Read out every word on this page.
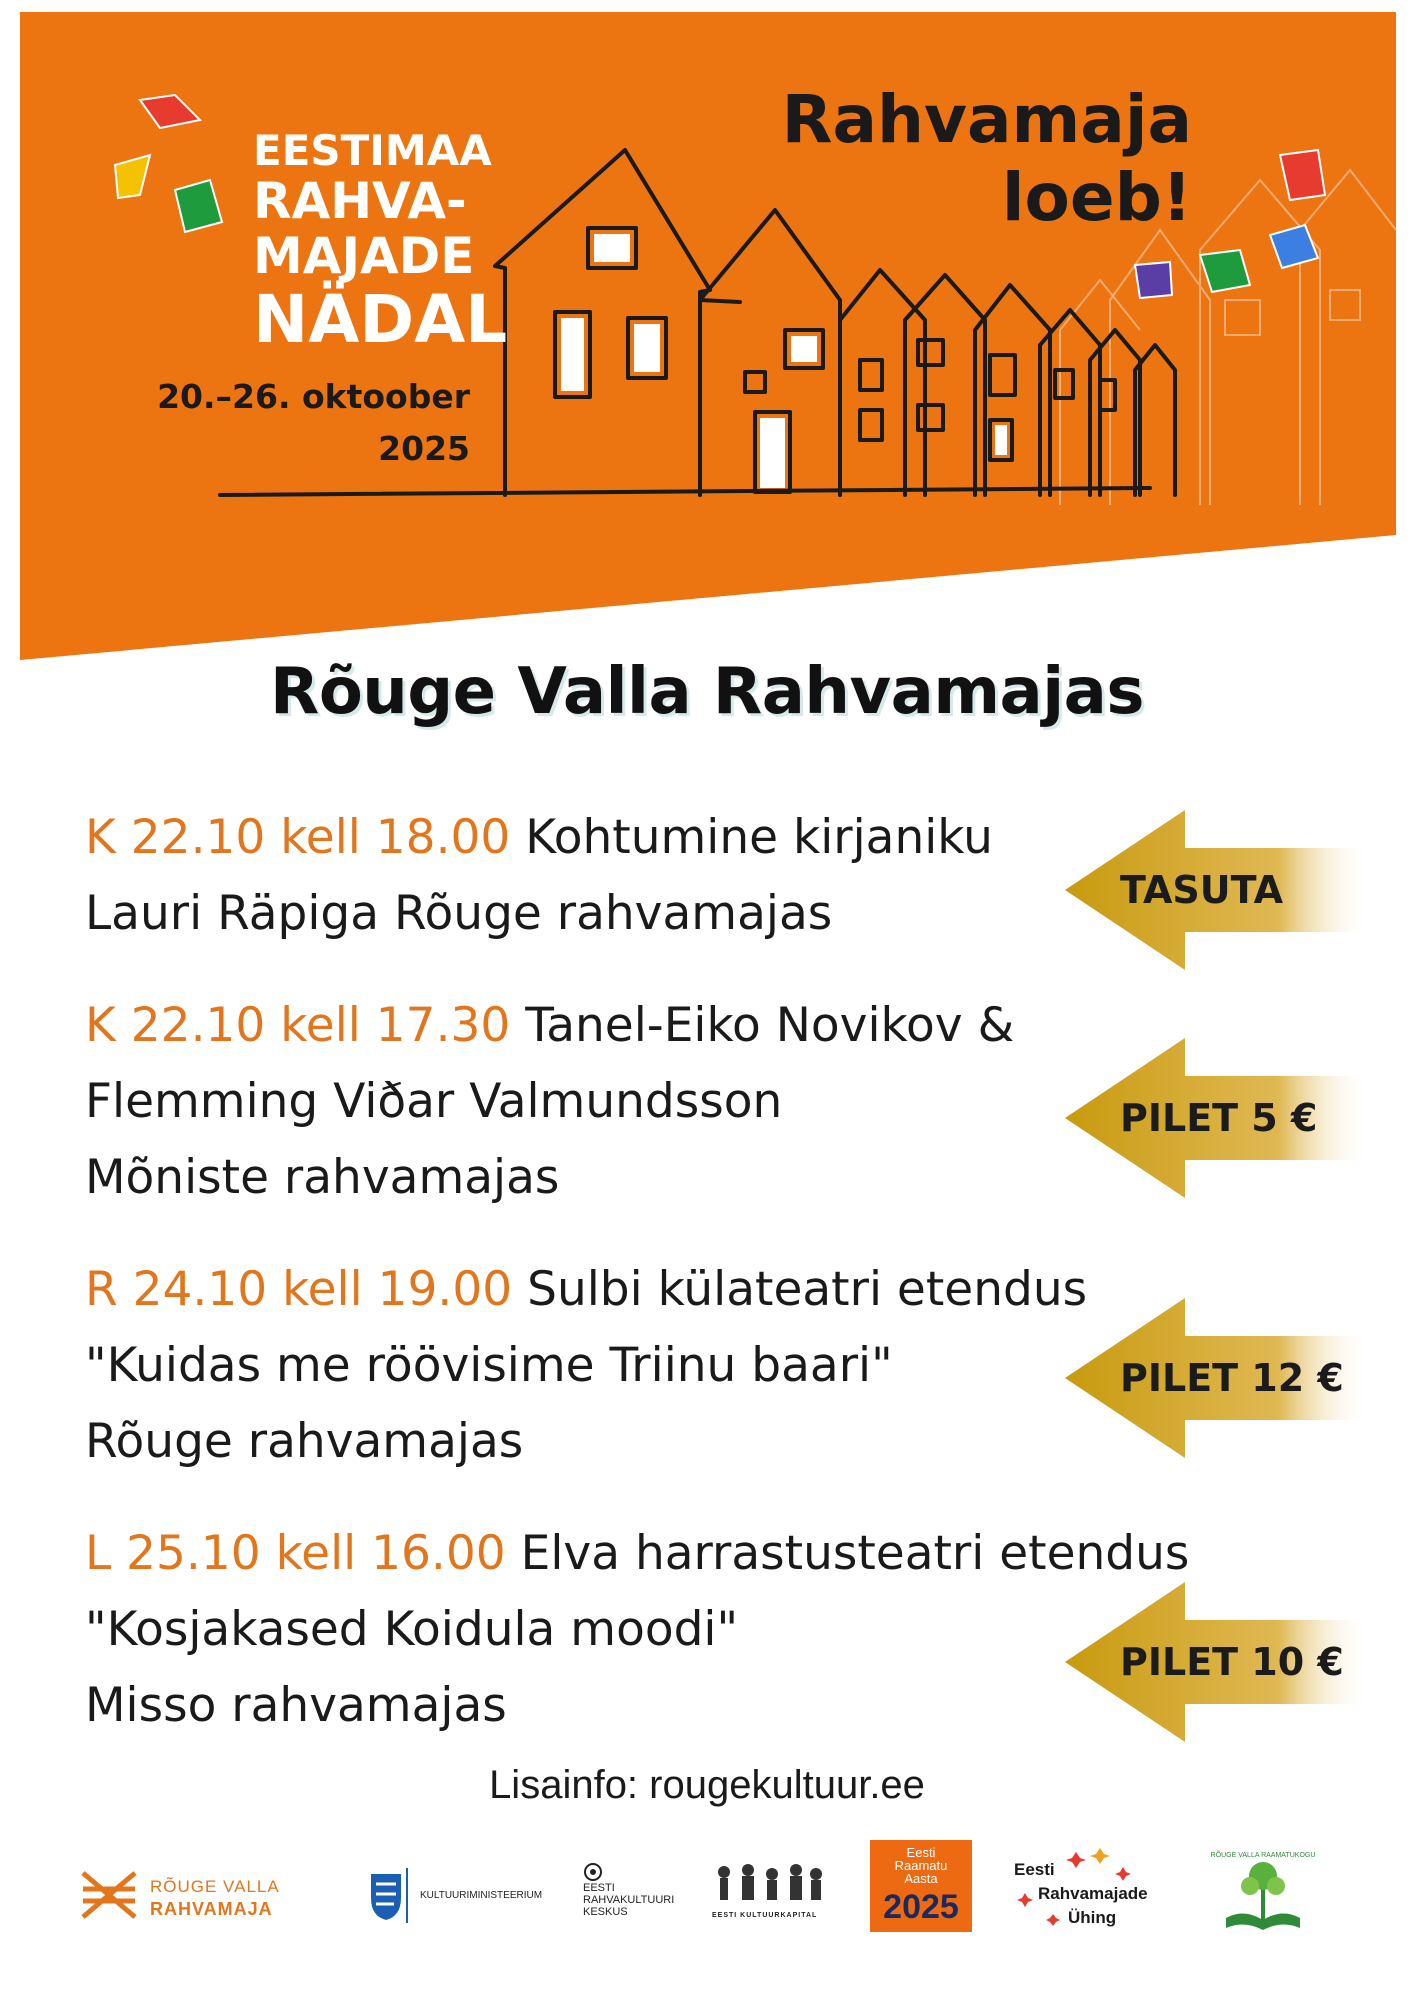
EESTIMAA
RAHVA-
MAJADE
NÄDAL
20.–26. oktoober
2025
Rahvamaja
loeb!
Rõuge Valla Rahvamajas
K 22.10 kell 18.00 Kohtumine kirjaniku
Lauri Räpiga Rõuge rahvamajas
K 22.10 kell 17.30 Tanel-Eiko Novikov &
Flemming Viðar Valmundsson
Mõniste rahvamajas
R 24.10 kell 19.00 Sulbi külateatri etendus
"Kuidas me röövisime Triinu baari"
Rõuge rahvamajas
L 25.10 kell 16.00 Elva harrastusteatri etendus
"Kosjakased Koidula moodi"
Misso rahvamajas
TASUTA
PILET 5 €
PILET 12 €
PILET 10 €
Lisainfo: rougekultuur.ee
RÕUGE VALLA
RAHVAMAJA
KULTUURIMINISTEERIUM
EESTI
RAHVAKULTUURI
KESKUS	EESTI KULTUURKAPITAL
Eesti
Raamatu
Aasta
2025
Eesti
Rahvamajade
Ühing
RÕUGE VALLA RAAMATUKOGU
